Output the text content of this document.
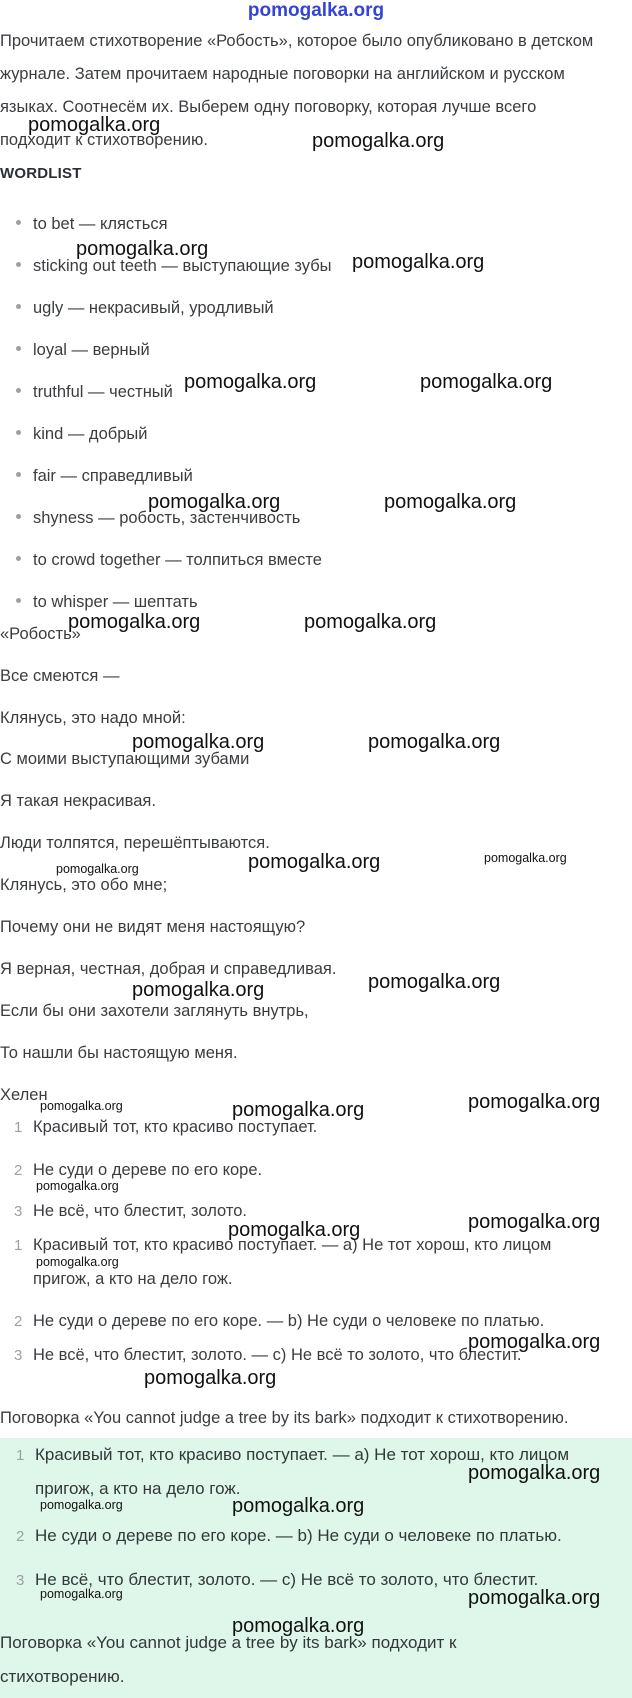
pomogalka.org

Прочитаем стихотворение «Робость», которое было опубликовано в детском

журнале. Затем прочитаем народные поговорки на английском и русском

языках. Соотнесём их. Выберем одну поговорку, которая лучше всего

подходит к стихотворению.

WORDLIST
to bet — клясться
sticking out teeth — выступающие зубы
ugly — некрасивый, уродливый
loyal — верный
truthful — честный
kind — добрый
fair — справедливый
shyness — робость, застенчивость
to crowd together — толпиться вместе
to whisper — шептать
«Робость»
Все смеются —
Клянусь, это надо мной:
С моими выступающими зубами
Я такая некрасивая.
Люди толпятся, перешёптываются.
Клянусь, это обо мне;
Почему они не видят меня настоящую?
Я верная, честная, добрая и справедливая.
Если бы они захотели заглянуть внутрь,
То нашли бы настоящую меня.
Хелен
1 Красивый тот, кто красиво поступает.
2 Не суди о дереве по его коре.
3 Не всё, что блестит, золото.
1 Красивый тот, кто красиво поступает. — a) Не тот хорош, кто лицом
пригож, а кто на дело гож.
2 Не суди о дереве по его коре. — b) Не суди о человеке по платью.
3 Не всё, что блестит, золото. — c) Не всё то золото, что блестит.
Поговорка «You cannot judge a tree by its bark» подходит к стихотворению.
1 Красивый тот, кто красиво поступает. — a) Не тот хорош, кто лицом
пригож, а кто на дело гож.
2 Не суди о дереве по его коре. — b) Не суди о человеке по платью.
3 Не всё, что блестит, золото. — c) Не всё то золото, что блестит.
Поговорка «You cannot judge a tree by its bark» подходит к
стихотворению.
pomogalka.org
pomogalka.org
pomogalka.org
pomogalka.org
pomogalka.org	pomogalka.org
pomogalka.org	pomogalka.org
pomogalka.org	pomogalka.org
pomogalka.org	pomogalka.org
pomogalka.org	pomogalka.org	pomogalka.org
pomogalka.org	pomogalka.org
pomogalka.org	pomogalka.org	pomogalka.org
pomogalka.org
pomogalka.org	pomogalka.org
pomogalka.org
pomogalka.org
pomogalka.org
pomogalka.org
pomogalka.org	pomogalka.org
pomogalka.org	pomogalka.org
pomogalka.org
